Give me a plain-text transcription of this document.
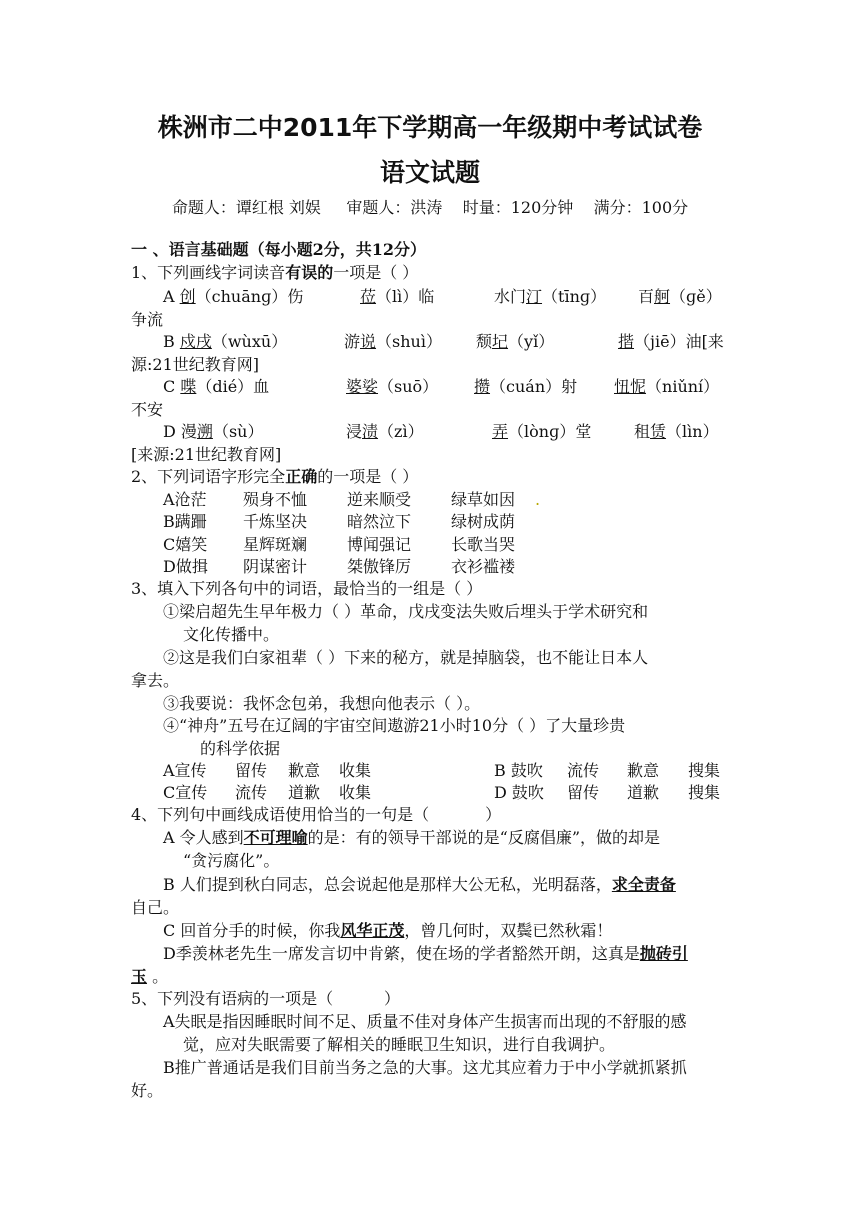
株洲市二中2011年下学期高一年级期中考试试卷
语文试题
命题人：谭红根 刘娱     审题人：洪涛    时量：120分钟    满分：100分
一 、语言基础题（每小题2分，共12分）
1、下列画线字词读音有误的一项是（ ）
A 创（chuānɡ）伤	莅（lì）临	水门汀（tīnɡ） 百舸（ɡě）
争流
B 戍戌（wùxū）	游说（shuì） 颓圮（yǐ）	揩（jiē）油[来
源:21世纪教育网]
C 喋（dié）血	婆娑（suō） 攒（cuán）射 忸怩（niǔní）
不安
D 漫溯（sù）	浸渍（zì）	弄（lònɡ）堂	租赁（lìn）
[来源:21世纪教育网]
2、下列词语字形完全正确的一项是（ ）
A沧茫 殒身不恤 逆来顺受 绿草如因 .
B蹒跚 千炼坚决 暗然泣下 绿树成荫
C嬉笑 星辉斑斓 博闻强记 长歌当哭
D做揖 阴谋密计 桀傲锋厉 衣衫褴褛
3、填入下列各句中的词语，最恰当的一组是（ ）
①梁启超先生早年极力（ ）革命，戊戌变法失败后埋头于学术研究和
文化传播中。
②这是我们白家祖辈（ ）下来的秘方，就是掉脑袋，也不能让日本人
拿去。
③我要说：我怀念包弟，我想向他表示（ ）。
④“神舟”五号在辽阔的宇宙空间遨游21小时10分（ ）了大量珍贵
的科学依据
A宣传 留传 歉意 收集	B 鼓吹 流传 歉意 搜集
C宣传 流传 道歉 收集	D 鼓吹 留传 道歉 搜集
4、下列句中画线成语使用恰当的一句是（           ）
A 令人感到不可理喻的是：有的领导干部说的是“反腐倡廉”，做的却是
“贪污腐化”。
B 人们提到秋白同志，总会说起他是那样大公无私，光明磊落，求全责备
自己。
C 回首分手的时候，你我风华正茂，曾几何时，双鬓已然秋霜！
D季羡林老先生一席发言切中肯綮，使在场的学者豁然开朗，这真是抛砖引
玉 。
5、下列没有语病的一项是（          ）
A失眠是指因睡眠时间不足、质量不佳对身体产生损害而出现的不舒服的感
觉，应对失眠需要了解相关的睡眠卫生知识，进行自我调护。
B推广普通话是我们目前当务之急的大事。这尤其应着力于中小学就抓紧抓
好。
